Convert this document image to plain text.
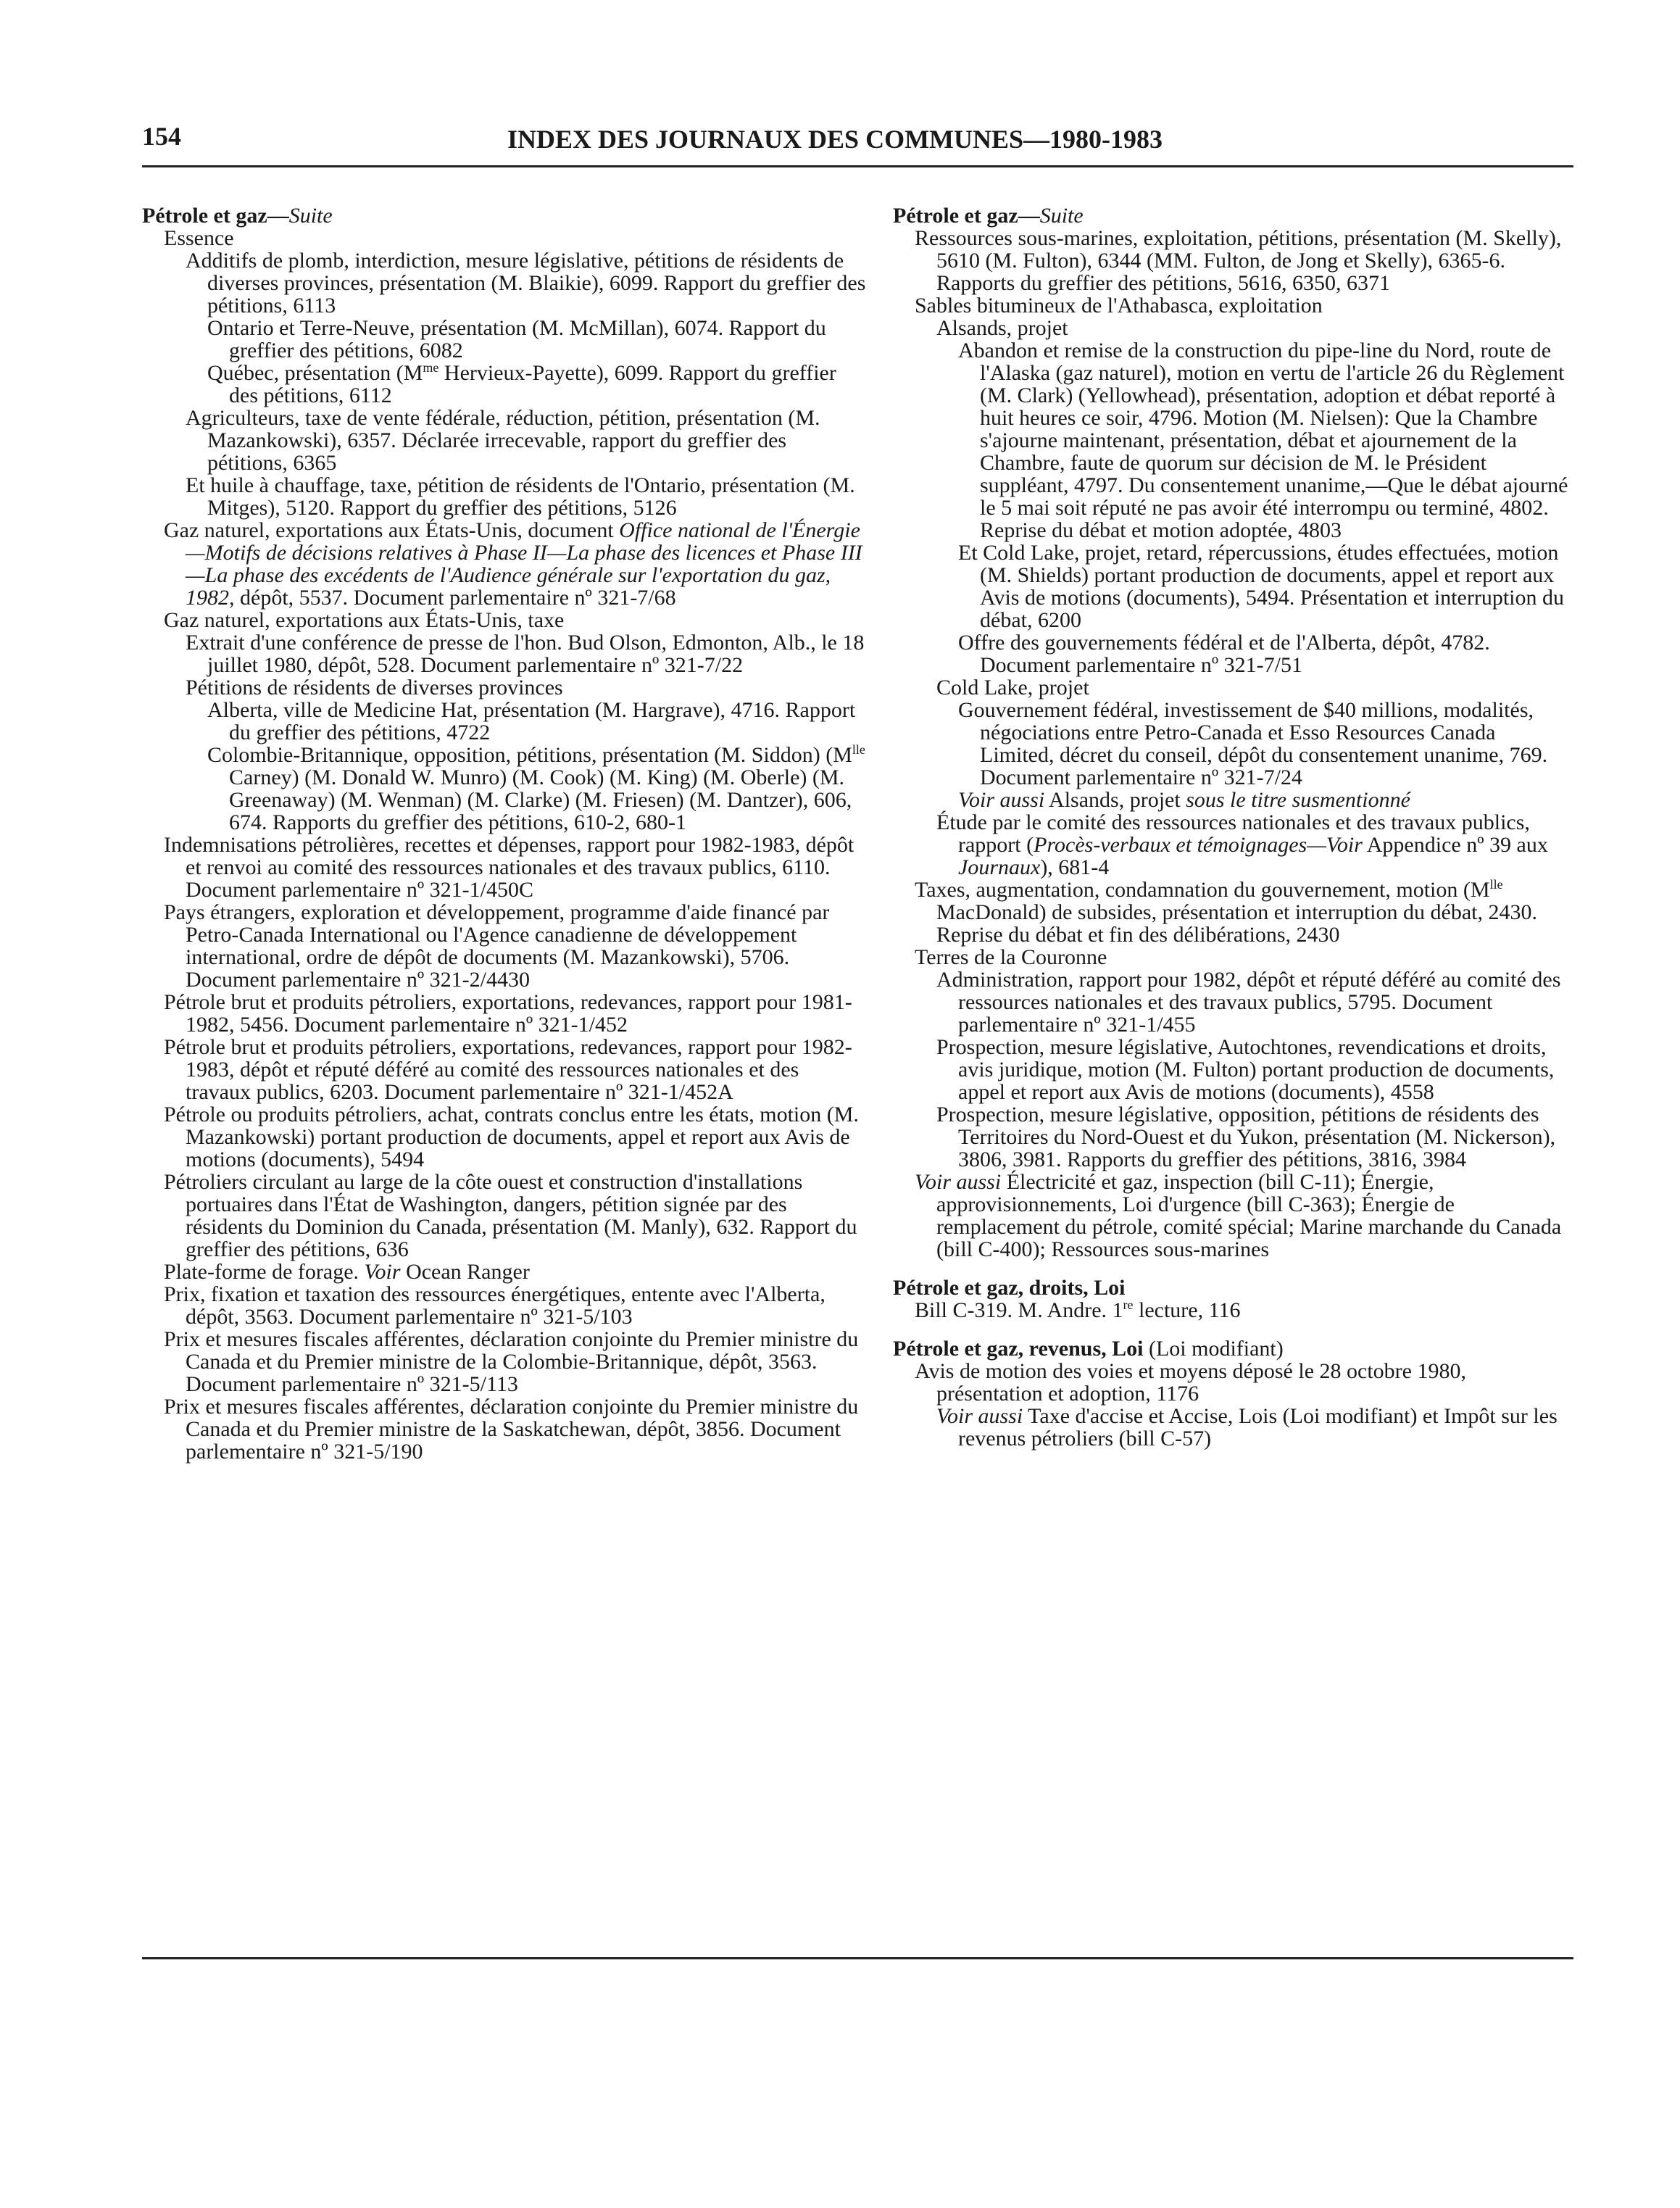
154	INDEX DES JOURNAUX DES COMMUNES—1980-1983
Pétrole et gaz—Suite
Essence
Additifs de plomb, interdiction, mesure législative, pétitions de résidents de diverses provinces, présentation (M. Blaikie), 6099. Rapport du greffier des pétitions, 6113
Ontario et Terre-Neuve, présentation (M. McMillan), 6074. Rapport du greffier des pétitions, 6082
Québec, présentation ($M^{me}$ Hervieux-Payette), 6099. Rapport du greffier des pétitions, 6112
Agriculteurs, taxe de vente fédérale, réduction, pétition, présentation (M. Mazankowski), 6357. Déclarée irrecevable, rapport du greffier des pétitions, 6365
Et huile à chauffage, taxe, pétition de résidents de l'Ontario, présentation (M. Mitges), 5120. Rapport du greffier des pétitions, 5126
Gaz naturel, exportations aux États-Unis, document Office national de l'Énergie—Motifs de décisions relatives à Phase II—La phase des licences et Phase III—La phase des excédents de l'Audience générale sur l'exportation du gaz, 1982, dépôt, 5537. Document parlementaire nº 321-7/68
Gaz naturel, exportations aux États-Unis, taxe
Extrait d'une conférence de presse de l'hon. Bud Olson, Edmonton, Alb., le 18 juillet 1980, dépôt, 528. Document parlementaire nº 321-7/22
Pétitions de résidents de diverses provinces
Alberta, ville de Medicine Hat, présentation (M. Hargrave), 4716. Rapport du greffier des pétitions, 4722
Colombie-Britannique, opposition, pétitions, présentation (M. Siddon) ($M^{lle}$ Carney) (M. Donald W. Munro) (M. Cook) (M. King) (M. Oberle) (M. Greenaway) (M. Wenman) (M. Clarke) (M. Friesen) (M. Dantzer), 606, 674. Rapports du greffier des pétitions, 610-2, 680-1
Indemnisations pétrolières, recettes et dépenses, rapport pour 1982-1983, dépôt et renvoi au comité des ressources nationales et des travaux publics, 6110. Document parlementaire nº 321-1/450C
Pays étrangers, exploration et développement, programme d'aide financé par Petro-Canada International ou l'Agence canadienne de développement international, ordre de dépôt de documents (M. Mazankowski), 5706. Document parlementaire nº 321-2/4430
Pétrole brut et produits pétroliers, exportations, redevances, rapport pour 1981-1982, 5456. Document parlementaire nº 321-1/452
Pétrole brut et produits pétroliers, exportations, redevances, rapport pour 1982-1983, dépôt et réputé déféré au comité des ressources nationales et des travaux publics, 6203. Document parlementaire nº 321-1/452A
Pétrole ou produits pétroliers, achat, contrats conclus entre les états, motion (M. Mazankowski) portant production de documents, appel et report aux Avis de motions (documents), 5494
Pétroliers circulant au large de la côte ouest et construction d'installations portuaires dans l'État de Washington, dangers, pétition signée par des résidents du Dominion du Canada, présentation (M. Manly), 632. Rapport du greffier des pétitions, 636
Plate-forme de forage. Voir Ocean Ranger
Prix, fixation et taxation des ressources énergétiques, entente avec l'Alberta, dépôt, 3563. Document parlementaire nº 321-5/103
Prix et mesures fiscales afférentes, déclaration conjointe du Premier ministre du Canada et du Premier ministre de la Colombie-Britannique, dépôt, 3563. Document parlementaire nº 321-5/113
Prix et mesures fiscales afférentes, déclaration conjointe du Premier ministre du Canada et du Premier ministre de la Saskatchewan, dépôt, 3856. Document parlementaire nº 321-5/190
Pétrole et gaz—Suite
Ressources sous-marines, exploitation, pétitions, présentation (M. Skelly), 5610 (M. Fulton), 6344 (MM. Fulton, de Jong et Skelly), 6365-6. Rapports du greffier des pétitions, 5616, 6350, 6371
Sables bitumineux de l'Athabasca, exploitation
Alsands, projet
Abandon et remise de la construction du pipe-line du Nord, route de l'Alaska (gaz naturel), motion en vertu de l'article 26 du Règlement (M. Clark) (Yellowhead), présentation, adoption et débat reporté à huit heures ce soir, 4796. Motion (M. Nielsen): Que la Chambre s'ajourne maintenant, présentation, débat et ajournement de la Chambre, faute de quorum sur décision de M. le Président suppléant, 4797. Du consentement unanime,—Que le débat ajourné le 5 mai soit réputé ne pas avoir été interrompu ou terminé, 4802. Reprise du débat et motion adoptée, 4803
Et Cold Lake, projet, retard, répercussions, études effectuées, motion (M. Shields) portant production de documents, appel et report aux Avis de motions (documents), 5494. Présentation et interruption du débat, 6200
Offre des gouvernements fédéral et de l'Alberta, dépôt, 4782. Document parlementaire nº 321-7/51
Cold Lake, projet
Gouvernement fédéral, investissement de $40 millions, modalités, négociations entre Petro-Canada et Esso Resources Canada Limited, décret du conseil, dépôt du consentement unanime, 769. Document parlementaire nº 321-7/24
Voir aussi Alsands, projet sous le titre susmentionné
Étude par le comité des ressources nationales et des travaux publics, rapport (Procès-verbaux et témoignages—Voir Appendice nº 39 aux Journaux), 681-4
Taxes, augmentation, condamnation du gouvernement, motion ($M^{lle}$ MacDonald) de subsides, présentation et interruption du débat, 2430. Reprise du débat et fin des délibérations, 2430
Terres de la Couronne
Administration, rapport pour 1982, dépôt et réputé déféré au comité des ressources nationales et des travaux publics, 5795. Document parlementaire nº 321-1/455
Prospection, mesure législative, Autochtones, revendications et droits, avis juridique, motion (M. Fulton) portant production de documents, appel et report aux Avis de motions (documents), 4558
Prospection, mesure législative, opposition, pétitions de résidents des Territoires du Nord-Ouest et du Yukon, présentation (M. Nickerson), 3806, 3981. Rapports du greffier des pétitions, 3816, 3984
Voir aussi Électricité et gaz, inspection (bill C-11); Énergie, approvisionnements, Loi d'urgence (bill C-363); Énergie de remplacement du pétrole, comité spécial; Marine marchande du Canada (bill C-400); Ressources sous-marines
Pétrole et gaz, droits, Loi
Bill C-319. M. Andre. 1re lecture, 116
Pétrole et gaz, revenus, Loi (Loi modifiant)
Avis de motion des voies et moyens déposé le 28 octobre 1980, présentation et adoption, 1176
Voir aussi Taxe d'accise et Accise, Lois (Loi modifiant) et Impôt sur les revenus pétroliers (bill C-57)
